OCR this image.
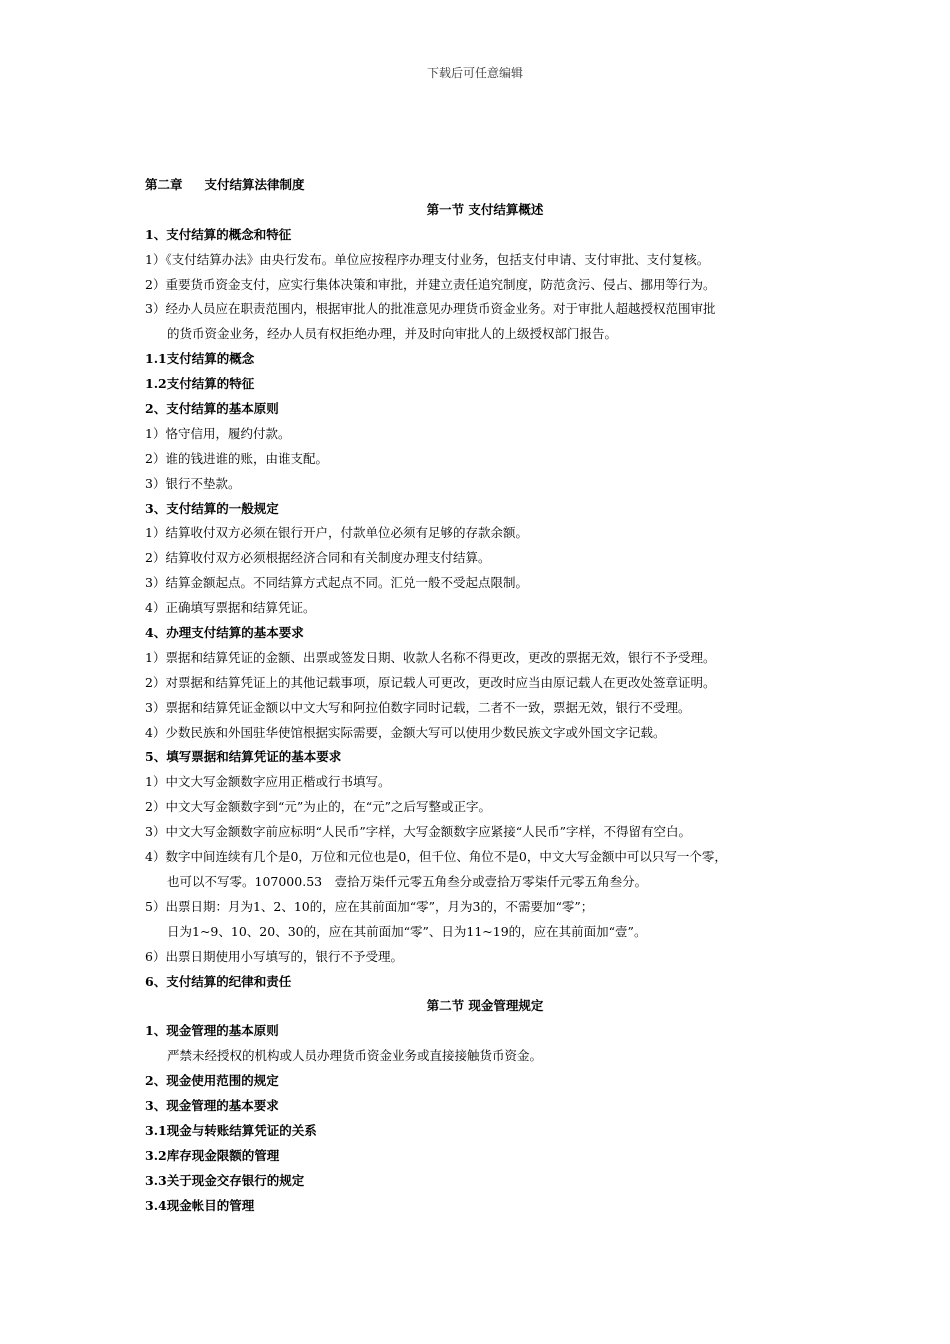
下载后可任意编辑
第二章 支付结算法律制度
第一节 支付结算概述
1、支付结算的概念和特征
1）《支付结算办法》由央行发布。单位应按程序办理支付业务，包括支付申请、支付审批、支付复核。
2）重要货币资金支付，应实行集体决策和审批，并建立责任追究制度，防范贪污、侵占、挪用等行为。
3）经办人员应在职责范围内，根据审批人的批准意见办理货币资金业务。对于审批人超越授权范围审批
的货币资金业务，经办人员有权拒绝办理，并及时向审批人的上级授权部门报告。
1.1支付结算的概念
1.2支付结算的特征
2、支付结算的基本原则
1）恪守信用，履约付款。
2）谁的钱进谁的账，由谁支配。
3）银行不垫款。
3、支付结算的一般规定
1）结算收付双方必须在银行开户，付款单位必须有足够的存款余额。
2）结算收付双方必须根据经济合同和有关制度办理支付结算。
3）结算金额起点。不同结算方式起点不同。汇兑一般不受起点限制。
4）正确填写票据和结算凭证。
4、办理支付结算的基本要求
1）票据和结算凭证的金额、出票或签发日期、收款人名称不得更改，更改的票据无效，银行不予受理。
2）对票据和结算凭证上的其他记载事项，原记载人可更改，更改时应当由原记载人在更改处签章证明。
3）票据和结算凭证金额以中文大写和阿拉伯数字同时记载，二者不一致，票据无效，银行不受理。
4）少数民族和外国驻华使馆根据实际需要，金额大写可以使用少数民族文字或外国文字记载。
5、填写票据和结算凭证的基本要求
1）中文大写金额数字应用正楷或行书填写。
2）中文大写金额数字到“元”为止的，在“元”之后写整或正字。
3）中文大写金额数字前应标明“人民币”字样，大写金额数字应紧接“人民币”字样，不得留有空白。
4）数字中间连续有几个是0，万位和元位也是0，但千位、角位不是0，中文大写金额中可以只写一个零，
也可以不写零。107000.53　壹拾万柒仟元零五角叁分或壹拾万零柒仟元零五角叁分。
5）出票日期：月为1、2、10的，应在其前面加“零”，月为3的，不需要加“零”；
日为1~9、10、20、30的，应在其前面加“零”、日为11~19的，应在其前面加“壹”。
6）出票日期使用小写填写的，银行不予受理。
6、支付结算的纪律和责任
第二节 现金管理规定
1、现金管理的基本原则
严禁未经授权的机构或人员办理货币资金业务或直接接触货币资金。
2、现金使用范围的规定
3、现金管理的基本要求
3.1现金与转账结算凭证的关系
3.2库存现金限额的管理
3.3关于现金交存银行的规定
3.4现金帐目的管理
